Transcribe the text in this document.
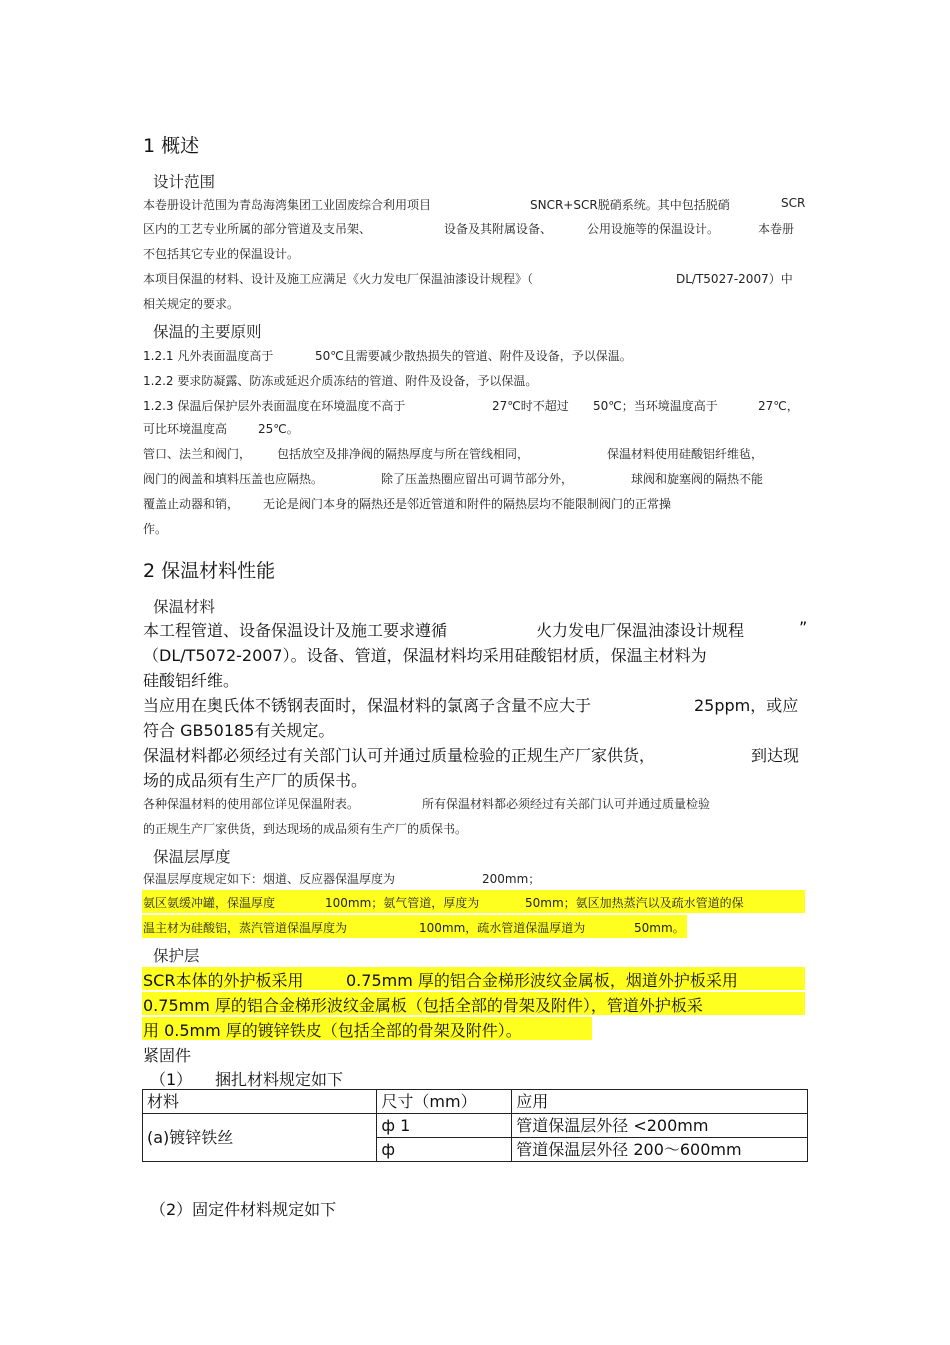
1 概述
设计范围
本卷册设计范围为青岛海湾集团工业固废综合利用项目	SNCR+SCR脱硝系统。其中包括脱硝	SCR
区内的工艺专业所属的部分管道及支吊架、	设备及其附属设备、	公用设施等的保温设计。	本卷册
不包括其它专业的保温设计。
本项目保温的材料、设计及施工应满足《火力发电厂保温油漆设计规程》（	DL/T5027-2007）中
相关规定的要求。
保温的主要原则
1.2.1 凡外表面温度高于	50℃且需要减少散热损失的管道、附件及设备，予以保温。
1.2.2 要求防凝露、防冻或延迟介质冻结的管道、附件及设备，予以保温。
1.2.3 保温后保护层外表面温度在环境温度不高于	27℃时不超过 50℃；当环境温度高于	27℃，
可比环境温度高	25℃。
管口、法兰和阀门， 包括放空及排净阀的隔热厚度与所在管线相同，	保温材料使用硅酸铝纤维毡，
阀门的阀盖和填料压盖也应隔热。	除了压盖热圈应留出可调节部分外，	球阀和旋塞阀的隔热不能
覆盖止动器和销， 无论是阀门本身的隔热还是邻近管道和附件的隔热层均不能限制阀门的正常操
作。
2 保温材料性能
保温材料
本工程管道、设备保温设计及施工要求遵循	火力发电厂保温油漆设计规程	”
（DL/T5072-2007）。设备、管道，保温材料均采用硅酸铝材质，保温主材料为
硅酸铝纤维。
当应用在奥氏体不锈钢表面时，保温材料的氯离子含量不应大于	25ppm，或应
符合 GB50185有关规定。
保温材料都必须经过有关部门认可并通过质量检验的正规生产厂家供货，	到达现
场的成品须有生产厂的质保书。
各种保温材料的使用部位详见保温附表。	所有保温材料都必须经过有关部门认可并通过质量检验
的正规生产厂家供货，到达现场的成品须有生产厂的质保书。
保温层厚度
保温层厚度规定如下：烟道、反应器保温厚度为	200mm；
氨区氨缓冲罐，保温厚度	100mm；氨气管道，厚度为	50mm；氨区加热蒸汽以及疏水管道的保
温主材为硅酸铝，蒸汽管道保温厚度为	100mm，疏水管道保温厚道为	50mm。
保护层
SCR本体的外护板采用	0.75mm 厚的铝合金梯形波纹金属板，烟道外护板采用
0.75mm 厚的铝合金梯形波纹金属板（包括全部的骨架及附件），管道外护板采
用 0.5mm 厚的镀锌铁皮（包括全部的骨架及附件）。
紧固件
（1） 捆扎材料规定如下
材料	尺寸（mm）	应用
(a)镀锌铁丝	ф 1	管道保温层外径 <200mm
	ф	管道保温层外径 200～600mm
（2）固定件材料规定如下
